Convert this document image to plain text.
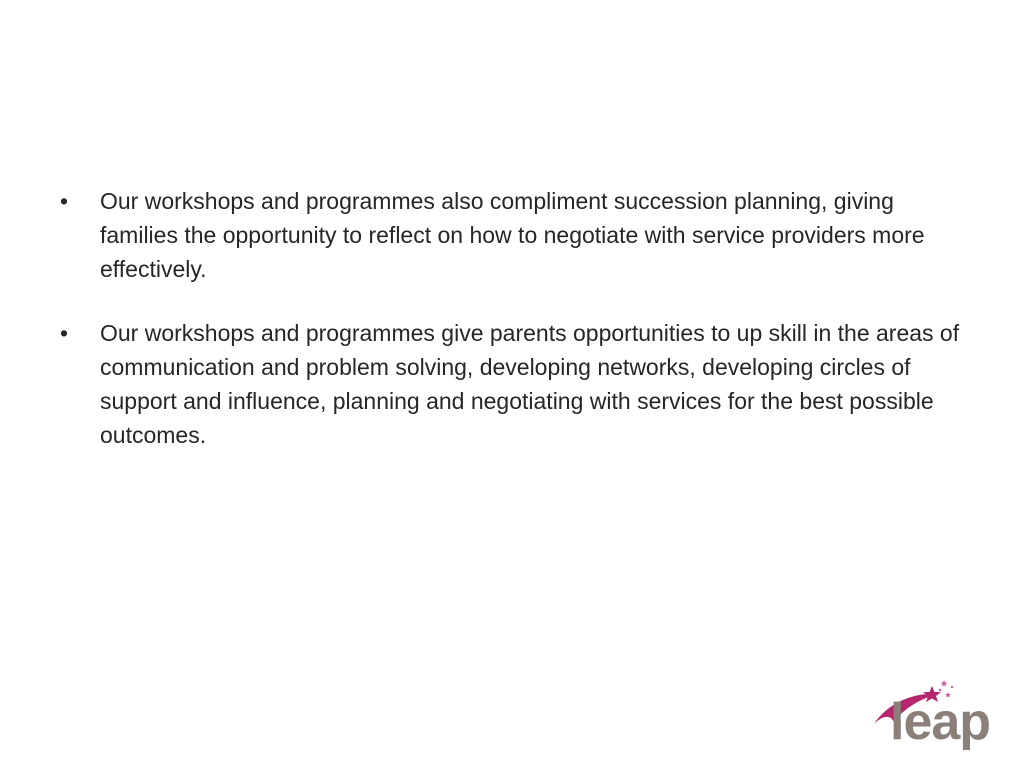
• Our workshops and programmes also compliment succession planning, giving families the opportunity to reflect on how to negotiate with service providers more effectively.
• Our workshops and programmes give parents opportunities to up skill in the areas of communication and problem solving, developing networks, developing circles of support and influence, planning and negotiating with services for the best possible outcomes.
leap
